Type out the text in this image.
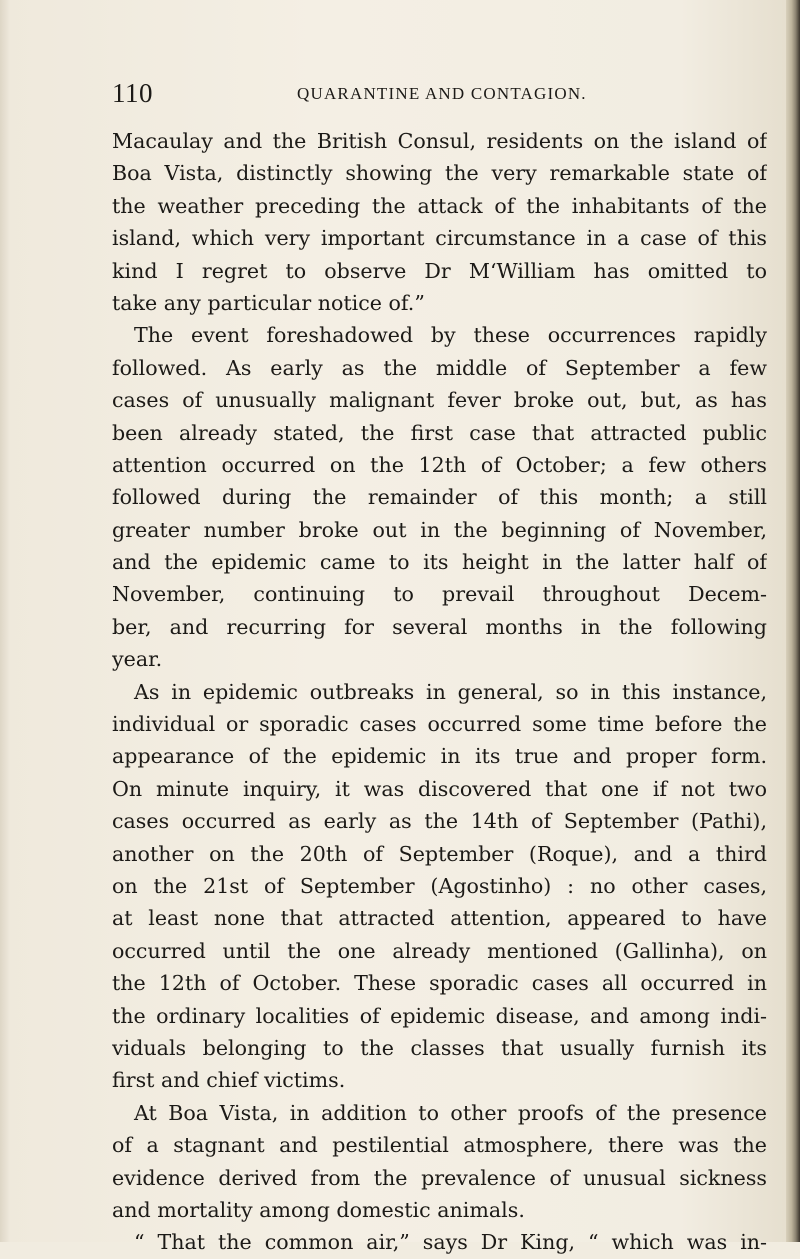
110	QUARANTINE AND CONTAGION.
Macaulay and the British Consul, residents on the island of
Boa Vista, distinctly showing the very remarkable state of
the weather preceding the attack of the inhabitants of the
island, which very important circumstance in a case of this
kind I regret to observe Dr M‘William has omitted to
take any particular notice of.”
The event foreshadowed by these occurrences rapidly
followed. As early as the middle of September a few
cases of unusually malignant fever broke out, but, as has
been already stated, the first case that attracted public
attention occurred on the 12th of October; a few others
followed during the remainder of this month; a still
greater number broke out in the beginning of November,
and the epidemic came to its height in the latter half of
November, continuing to prevail throughout Decem-
ber, and recurring for several months in the following
year.
As in epidemic outbreaks in general, so in this instance,
individual or sporadic cases occurred some time before the
appearance of the epidemic in its true and proper form.
On minute inquiry, it was discovered that one if not two
cases occurred as early as the 14th of September (Pathi),
another on the 20th of September (Roque), and a third
on the 21st of September (Agostinho) : no other cases,
at least none that attracted attention, appeared to have
occurred until the one already mentioned (Gallinha), on
the 12th of October. These sporadic cases all occurred in
the ordinary localities of epidemic disease, and among indi-
viduals belonging to the classes that usually furnish its
first and chief victims.
At Boa Vista, in addition to other proofs of the presence
of a stagnant and pestilential atmosphere, there was the
evidence derived from the prevalence of unusual sickness
and mortality among domestic animals.
“ That the common air,” says Dr King, “ which was in-
